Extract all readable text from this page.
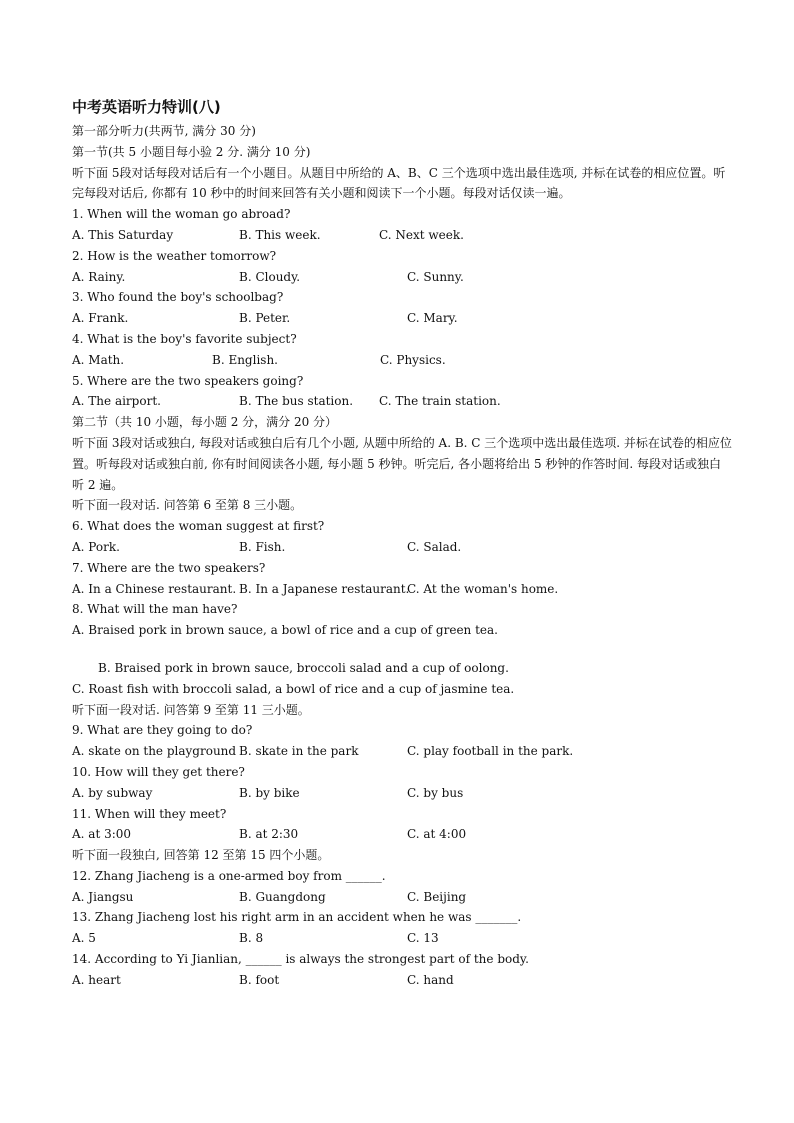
中考英语听力特训(八)

第一部分听力(共两节, 满分 30 分)

第一节(共 5 小题目每小验 2 分. 满分 10 分)

听下面 5段对话每段对话后有一个小题目。从题目中所给的 A、B、C 三个选项中选出最佳选项, 并标在试卷的相应位置。听完每段对话后, 你都有 10 秒中的时间来回答有关小题和阅读下一个小题。每段对话仅读一遍。

1. When will the woman go abroad?

A. This Saturday	B. This week.	C. Next week.

2. How is the weather tomorrow?

A. Rainy.	B. Cloudy.	C. Sunny.

3. Who found the boy's schoolbag?

A. Frank.	B. Peter.	C. Mary.

4. What is the boy's favorite subject?

A. Math.	B. English.	C. Physics.

5. Where are the two speakers going?

A. The airport.	B. The bus station.	C. The train station.

第二节（共 10 小题，每小题 2 分，满分 20 分）

听下面 3段对话或独白, 每段对话或独白后有几个小题, 从题中所给的 A. B. C 三个选项中选出最佳选项. 并标在试卷的相应位置。听每段对话或独白前, 你有时间阅读各小题, 每小题 5 秒钟。听完后, 各小题将给出 5 秒钟的作答时间. 每段对话或独白听 2 遍。

听下面一段对话. 问答第 6 至第 8 三小题。

6. What does the woman suggest at first?

A. Pork.	B. Fish.	C. Salad.

7. Where are the two speakers?

A. In a Chinese restaurant. B. In a Japanese restaurant.
C. At the woman's home.

8. What will the man have?

A. Braised pork in brown sauce, a bowl of rice and a cup of green tea.

B. Braised pork in brown sauce, broccoli salad and a cup of oolong.

C. Roast fish with broccoli salad, a bowl of rice and a cup of jasmine tea.

听下面一段对话. 问答第 9 至第 11 三小题。

9. What are they going to do?

A. skate on the playground B. skate in the park	C. play football in the park.

10. How will they get there?

A. by subway	B. by bike	C. by bus

11. When will they meet?

A. at 3:00	B. at 2:30	C. at 4:00

听下面一段独白, 回答第 12 至第 15 四个小题。

12. Zhang Jiacheng is a one-armed boy from ______.

A. Jiangsu	B. Guangdong	C. Beijing

13. Zhang Jiacheng lost his right arm in an accident when he was _______.

A. 5	B. 8	C. 13

14. According to Yi Jianlian, ______ is always the strongest part of the body.

A. heart	B. foot	C. hand
